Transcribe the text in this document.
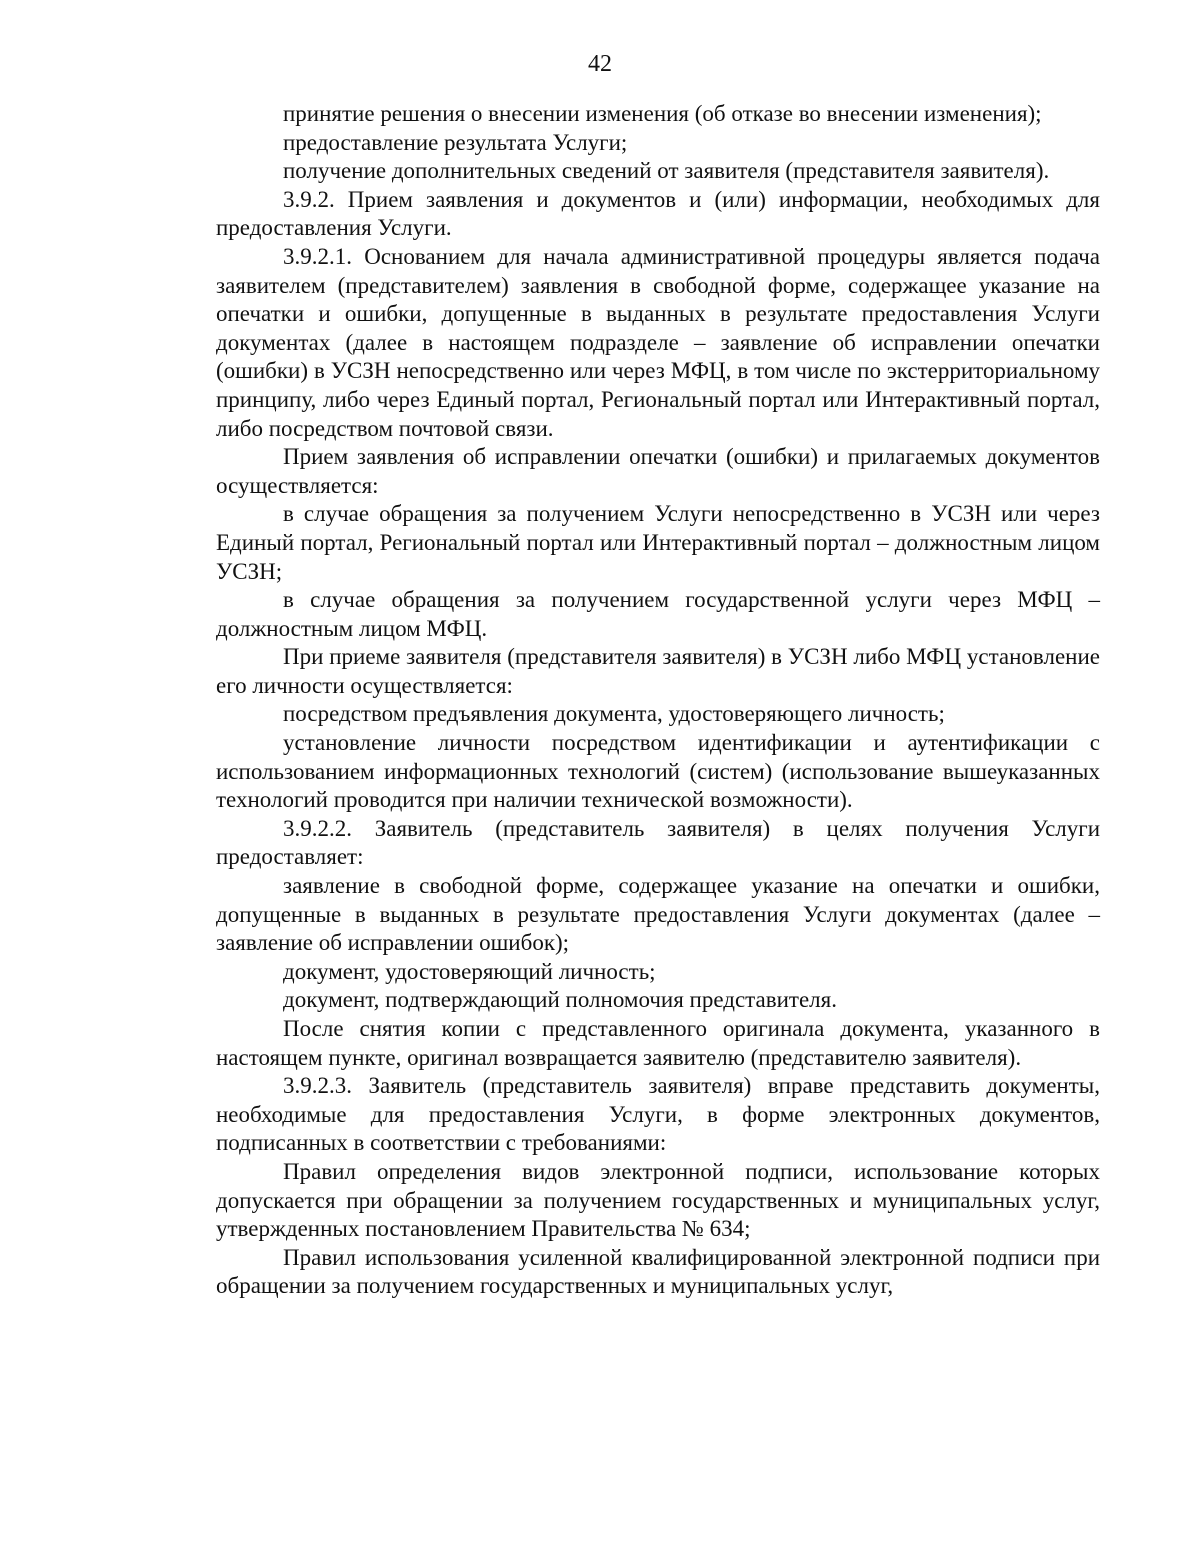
42

принятие решения о внесении изменения (об отказе во внесении изменения);

предоставление результата Услуги;

получение дополнительных сведений от заявителя (представителя заявителя).

3.9.2. Прием заявления и документов и (или) информации, необходимых для предоставления Услуги.

3.9.2.1. Основанием для начала административной процедуры является подача заявителем (представителем) заявления в свободной форме, содержащее указание на опечатки и ошибки, допущенные в выданных в результате предоставления Услуги документах (далее в настоящем подразделе – заявление об исправлении опечатки (ошибки) в УСЗН непосредственно или через МФЦ, в том числе по экстерриториальному принципу, либо через Единый портал, Региональный портал или Интерактивный портал, либо посредством почтовой связи.

Прием заявления об исправлении опечатки (ошибки) и прилагаемых документов осуществляется:

в случае обращения за получением Услуги непосредственно в УСЗН или через Единый портал, Региональный портал или Интерактивный портал – должностным лицом УСЗН;

в случае обращения за получением государственной услуги через МФЦ – должностным лицом МФЦ.

При приеме заявителя (представителя заявителя) в УСЗН либо МФЦ установление его личности осуществляется:

посредством предъявления документа, удостоверяющего личность;

установление личности посредством идентификации и аутентификации с использованием информационных технологий (систем) (использование вышеуказанных технологий проводится при наличии технической возможности).

3.9.2.2. Заявитель (представитель заявителя) в целях получения Услуги предоставляет:

заявление в свободной форме, содержащее указание на опечатки и ошибки, допущенные в выданных в результате предоставления Услуги документах (далее – заявление об исправлении ошибок);

документ, удостоверяющий личность;

документ, подтверждающий полномочия представителя.

После снятия копии с представленного оригинала документа, указанного в настоящем пункте, оригинал возвращается заявителю (представителю заявителя).

3.9.2.3. Заявитель (представитель заявителя) вправе представить документы, необходимые для предоставления Услуги, в форме электронных документов, подписанных в соответствии с требованиями:

Правил определения видов электронной подписи, использование которых допускается при обращении за получением государственных и муниципальных услуг, утвержденных постановлением Правительства № 634;

Правил использования усиленной квалифицированной электронной подписи при обращении за получением государственных и муниципальных услуг,
